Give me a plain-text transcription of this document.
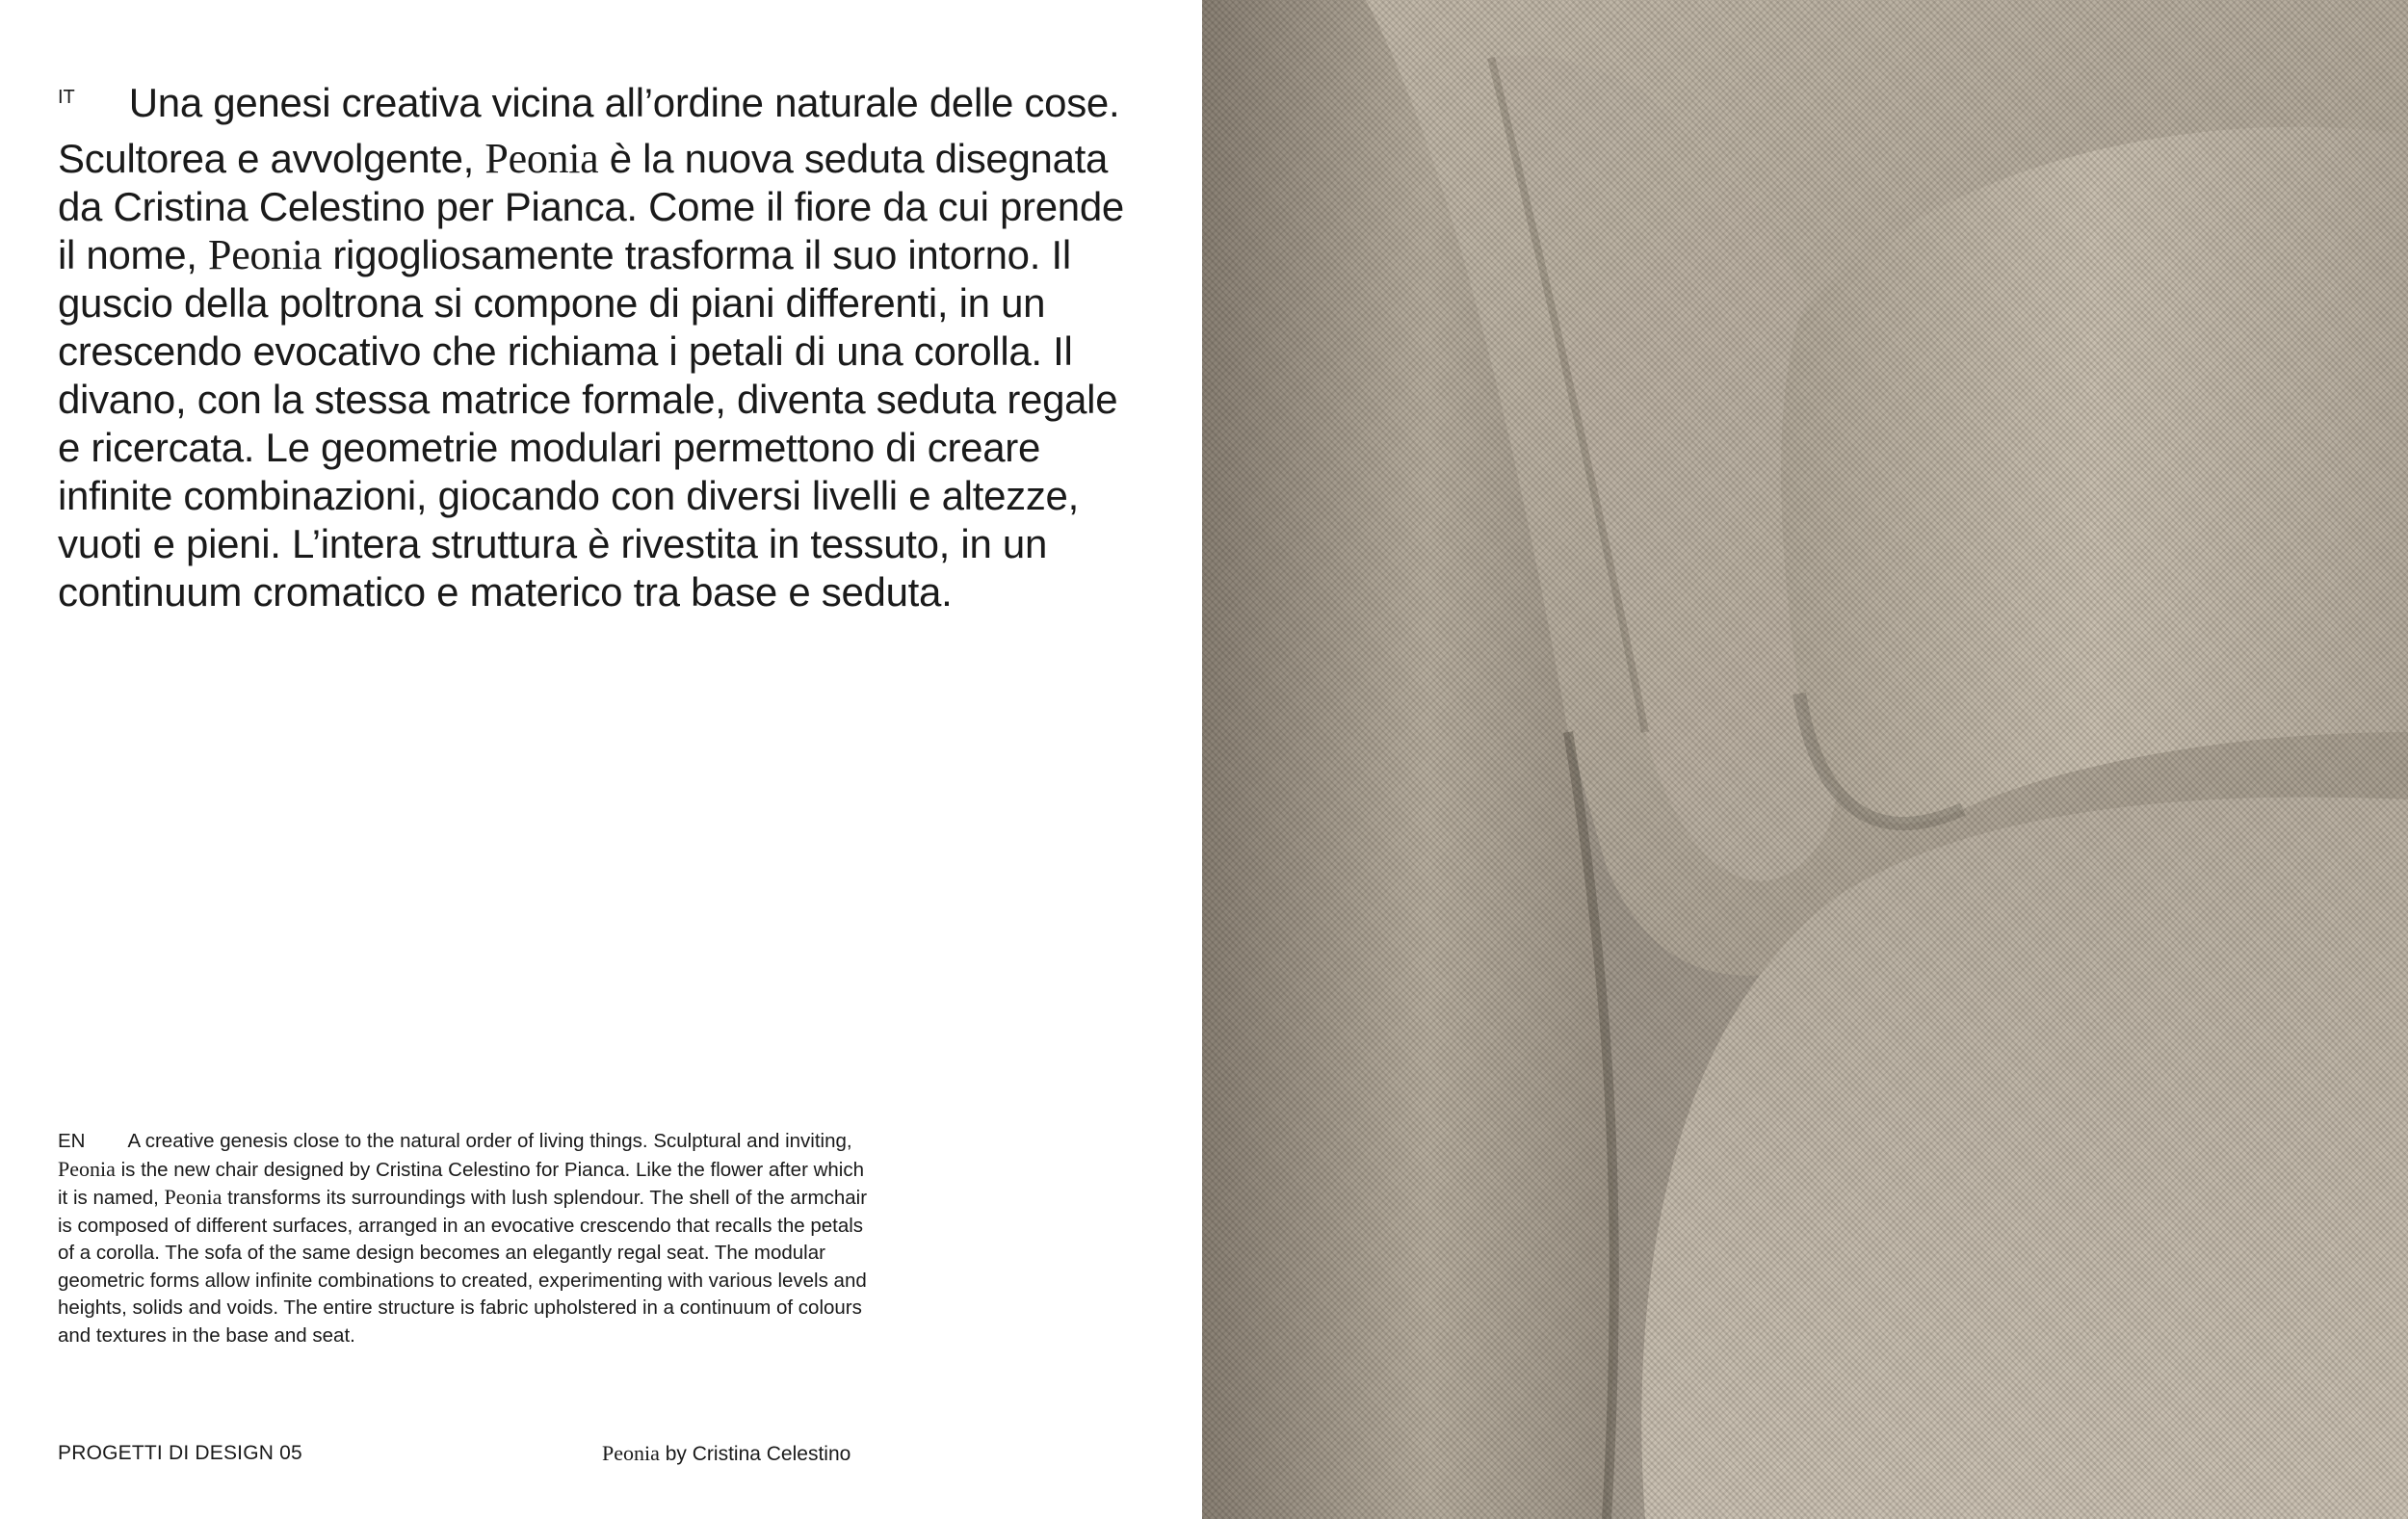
$^{IT}$ Una genesi creativa vicina all’ordine naturale delle cose. Scultorea e avvolgente, Peonia è la nuova seduta disegnata da Cristina Celestino per Pianca. Come il fiore da cui prende il nome, Peonia rigogliosamente trasforma il suo intorno. Il guscio della poltrona si compone di piani differenti, in un crescendo evocativo che richiama i petali di una corolla. Il divano, con la stessa matrice formale, diventa seduta regale e ricercata. Le geometrie modulari permettono di creare infinite combinazioni, giocando con diversi livelli e altezze, vuoti e pieni. L’intera struttura è rivestita in tessuto, in un continuum cromatico e materico tra base e seduta.

EN A creative genesis close to the natural order of living things. Sculptural and inviting, Peonia is the new chair designed by Cristina Celestino for Pianca. Like the flower after which it is named, Peonia transforms its surroundings with lush splendour. The shell of the armchair is composed of different surfaces, arranged in an evocative crescendo that recalls the petals of a corolla. The sofa of the same design becomes an elegantly regal seat. The modular geometric forms allow infinite combinations to created, experimenting with various levels and heights, solids and voids. The entire structure is fabric upholstered in a continuum of colours and textures in the base and seat.

PROGETTI DI DESIGN 05	Peonia by Cristina Celestino
